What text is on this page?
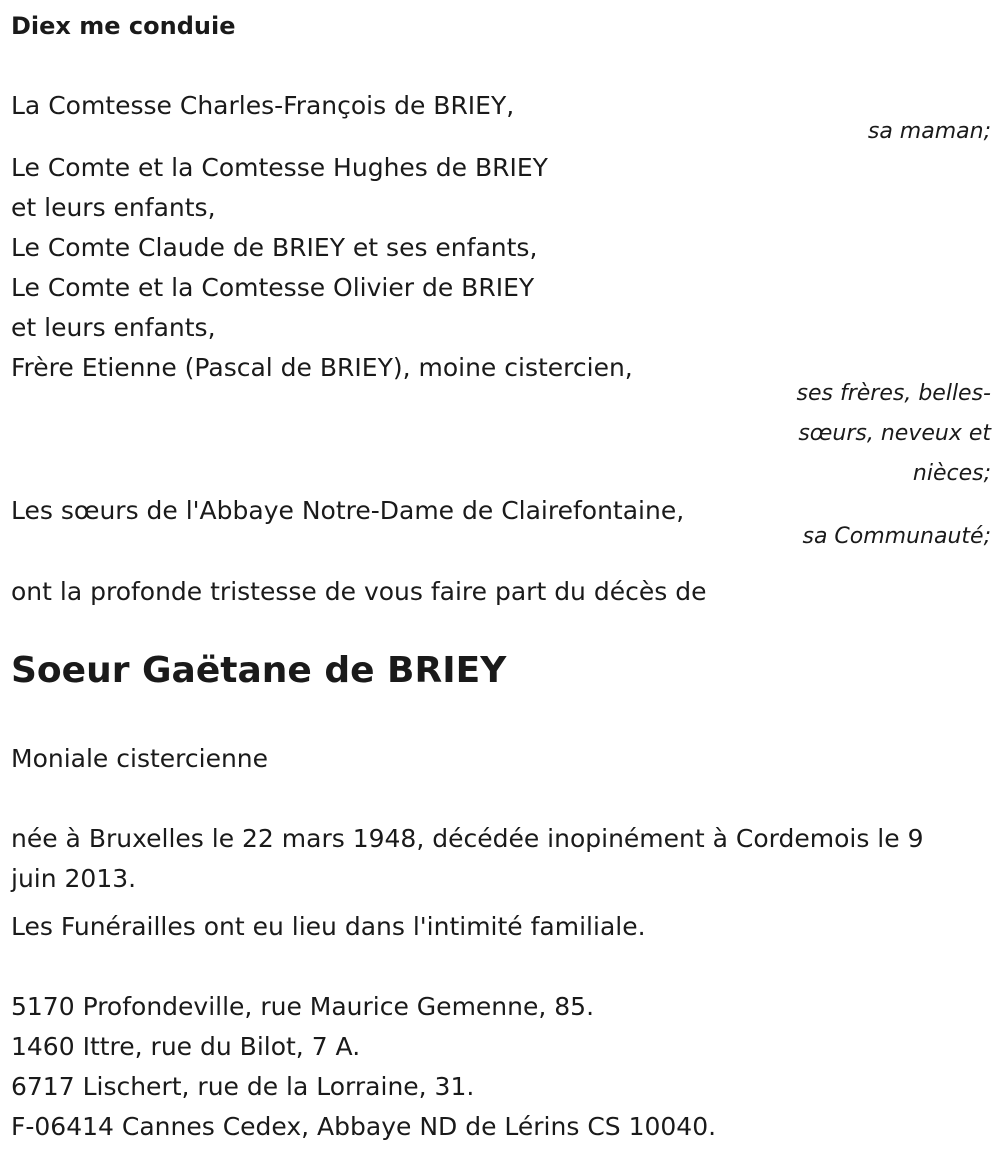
Diex me conduie
La Comtesse Charles-François de BRIEY,
sa maman;
Le Comte et la Comtesse Hughes de BRIEY
et leurs enfants,
Le Comte Claude de BRIEY et ses enfants,
Le Comte et la Comtesse Olivier de BRIEY
et leurs enfants,
Frère Etienne (Pascal de BRIEY), moine cistercien,
ses frères, belles-
sœurs, neveux et
nièces;
Les sœurs de l'Abbaye Notre-Dame de Clairefontaine,
sa Communauté;
ont la profonde tristesse de vous faire part du décès de
Soeur Gaëtane de BRIEY
Moniale cistercienne
née à Bruxelles le 22 mars 1948, décédée inopinément à Cordemois le 9
juin 2013.
Les Funérailles ont eu lieu dans l'intimité familiale.
5170 Profondeville, rue Maurice Gemenne, 85.
1460 Ittre, rue du Bilot, 7 A.
6717 Lischert, rue de la Lorraine, 31.
F-06414 Cannes Cedex, Abbaye ND de Lérins CS 10040.
